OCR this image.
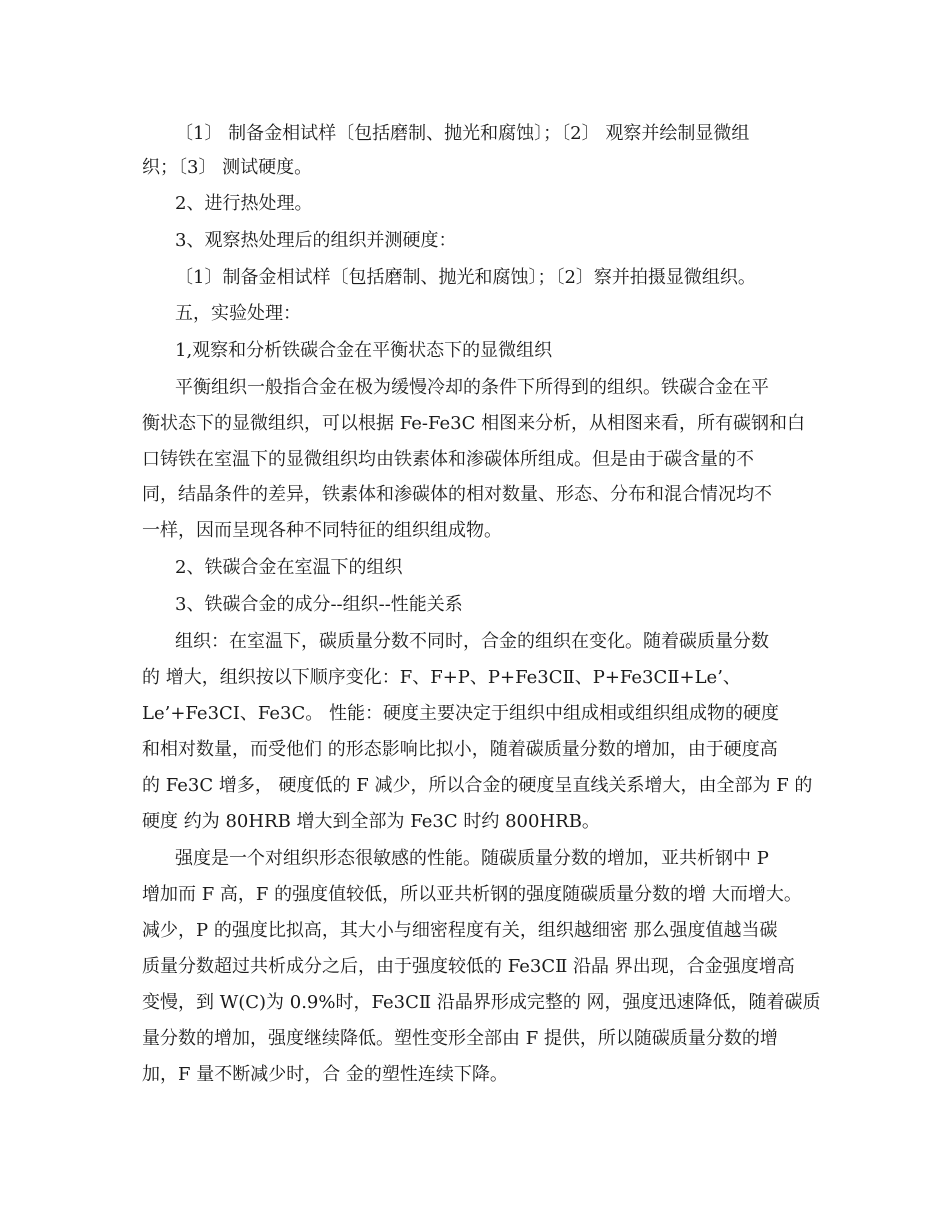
〔1〕 制备金相试样〔包括磨制、抛光和腐蚀〕；〔2〕 观察并绘制显微组
织；〔3〕 测试硬度。
2、进行热处理。
3、观察热处理后的组织并测硬度：
〔1〕制备金相试样〔包括磨制、抛光和腐蚀〕；〔2〕察并拍摄显微组织。
五，实验处理：
1,观察和分析铁碳合金在平衡状态下的显微组织
平衡组织一般指合金在极为缓慢冷却的条件下所得到的组织。铁碳合金在平
衡状态下的显微组织，可以根据 Fe-Fe3C 相图来分析，从相图来看，所有碳钢和白
口铸铁在室温下的显微组织均由铁素体和渗碳体所组成。但是由于碳含量的不
同，结晶条件的差异，铁素体和渗碳体的相对数量、形态、分布和混合情况均不
一样，因而呈现各种不同特征的组织组成物。
2、铁碳合金在室温下的组织
3、铁碳合金的成分--组织--性能关系
组织：在室温下，碳质量分数不同时，合金的组织在变化。随着碳质量分数
的 增大，组织按以下顺序变化：F、F+P、P+Fe3CⅡ、P+Fe3CⅡ+Le’、
Le’+Fe3CⅠ、Fe3C。 性能：硬度主要决定于组织中组成相或组织组成物的硬度
和相对数量，而受他们 的形态影响比拟小，随着碳质量分数的增加，由于硬度高
的 Fe3C 增多， 硬度低的 F 减少，所以合金的硬度呈直线关系增大，由全部为 F 的
硬度 约为 80HRB 增大到全部为 Fe3C 时约 800HRB。
强度是一个对组织形态很敏感的性能。随碳质量分数的增加，亚共析钢中 P
增加而 F 高，F 的强度值较低，所以亚共析钢的强度随碳质量分数的增 大而增大。
减少，P 的强度比拟高，其大小与细密程度有关，组织越细密 那么强度值越当碳
质量分数超过共析成分之后，由于强度较低的 Fe3CⅡ 沿晶 界出现，合金强度增高
变慢，到 W(C)为 0.9%时，Fe3CⅡ 沿晶界形成完整的 网，强度迅速降低，随着碳质
量分数的增加，强度继续降低。塑性变形全部由 F 提供，所以随碳质量分数的增
加，F 量不断减少时，合 金的塑性连续下降。
